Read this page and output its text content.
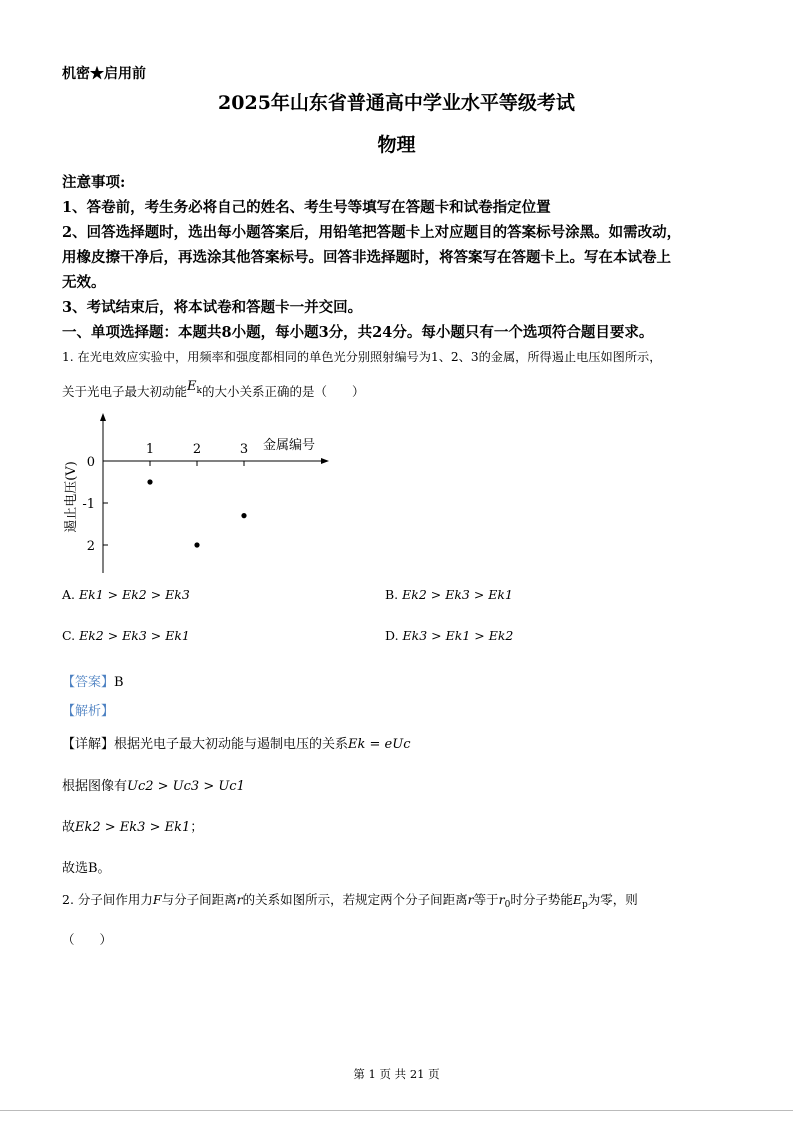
机密★启用前
2025年山东省普通高中学业水平等级考试
物理
注意事项:
1、答卷前，考生务必将自己的姓名、考生号等填写在答题卡和试卷指定位置
2、回答选择题时，选出每小题答案后，用铅笔把答题卡上对应题目的答案标号涂黑。如需改动，
用橡皮擦干净后，再选涂其他答案标号。回答非选择题时，将答案写在答题卡上。写在本试卷上
无效。
3、考试结束后，将本试卷和答题卡一并交回。
一、单项选择题：本题共8小题，每小题3分，共24分。每小题只有一个选项符合题目要求。
1. 在光电效应实验中，用频率和强度都相同的单色光分别照射编号为1、2、3的金属，所得遏止电压如图所示，
关于光电子最大初动能$E_k$的大小关系正确的是（　　）
1	2	3
0
-1
2
金属编号
遏止电压(V)
A. Ek1 > Ek2 > Ek3	B. Ek2 > Ek3 > Ek1
C. Ek2 > Ek3 > Ek1	D. Ek3 > Ek1 > Ek2
【答案】B
【解析】
【详解】根据光电子最大初动能与遏制电压的关系Ek = eUc
根据图像有Uc2 > Uc3 > Uc1
故Ek2 > Ek3 > Ek1；
故选B。
2. 分子间作用力F与分子间距离r的关系如图所示，若规定两个分子间距离r等于$r_0$时分子势能$E_p$为零，则
（　　）
第 1 页 共 21 页
